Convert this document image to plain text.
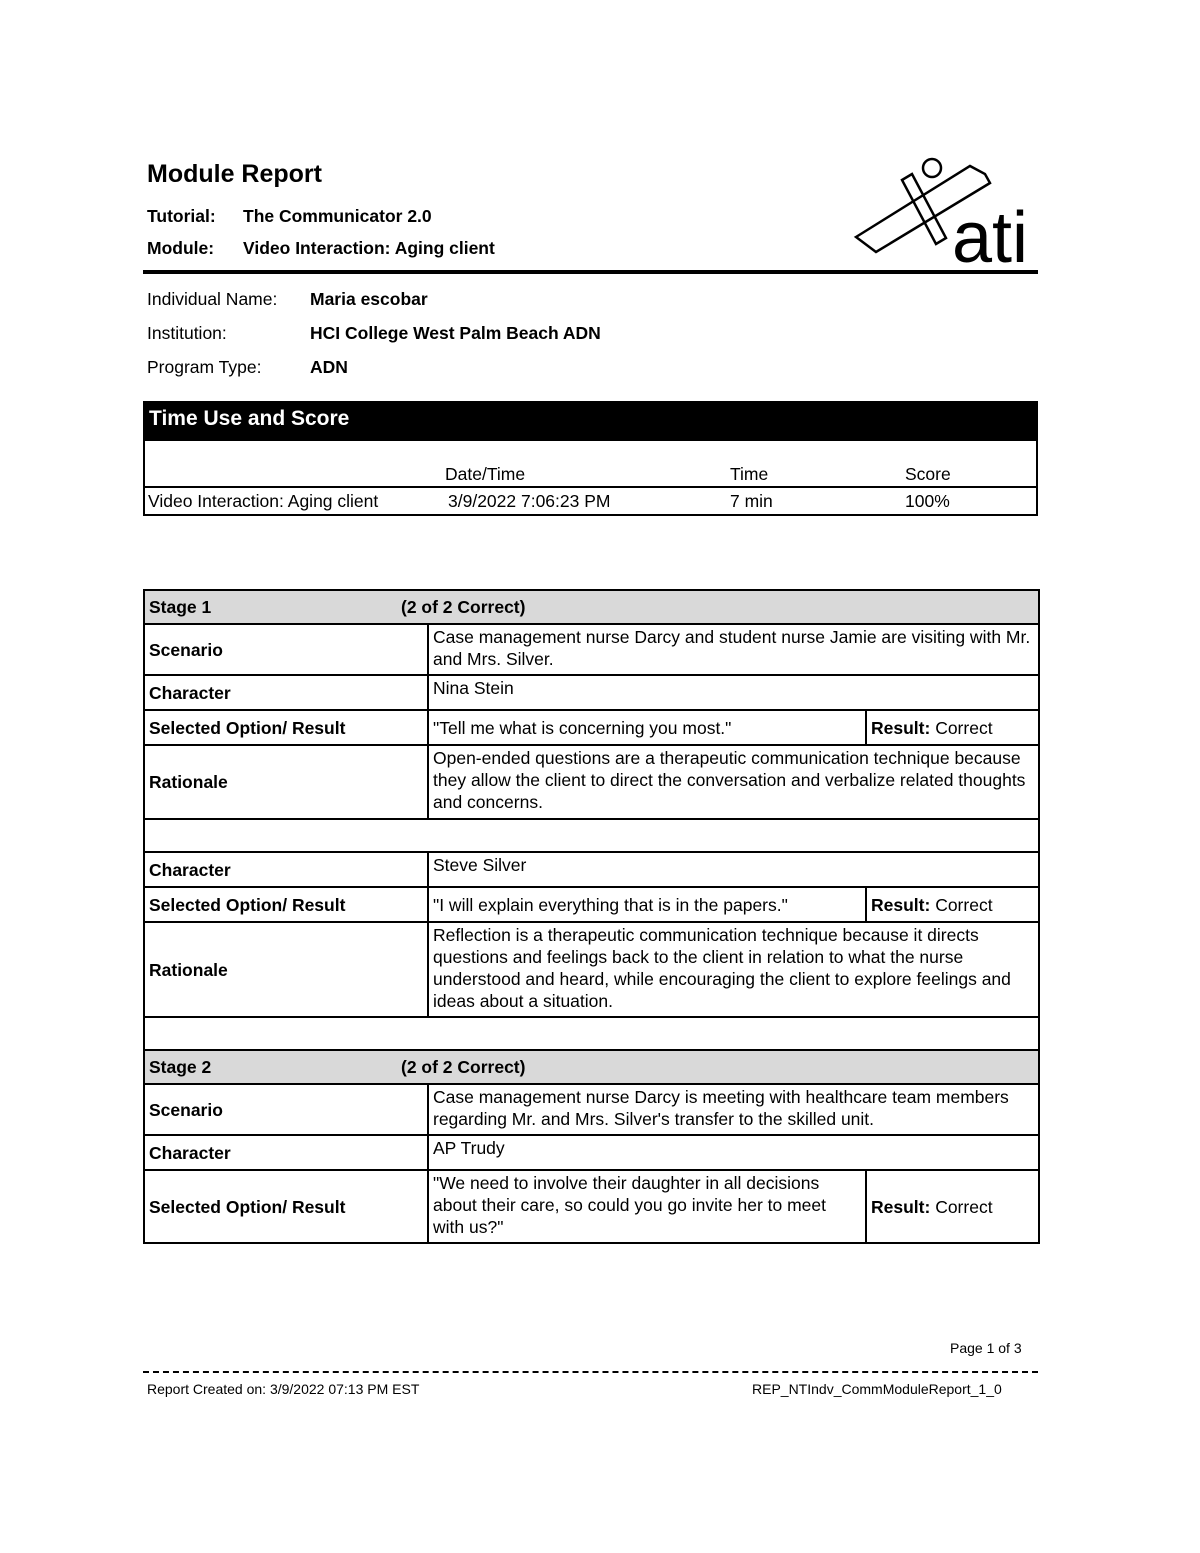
Module Report
Tutorial: The Communicator 2.0
Module: Video Interaction: Aging client	ati
Individual Name: Maria escobar
Institution:	HCI College West Palm Beach ADN
Program Type:	ADN
Time Use and Score
	Date/Time	Time	Score
Video Interaction: Aging client	3/9/2022 7:06:23 PM	7 min	100%
Stage 1 (2 of 2 Correct)		
Scenario	Case management nurse Darcy and student nurse Jamie are visiting with Mr. and Mrs. Silver.	
Character	Nina Stein	
Selected Option/ Result	"Tell me what is concerning you most."	Result: Correct
Rationale	Open-ended questions are a therapeutic communication technique because they allow the client to direct the conversation and verbalize related thoughts and concerns.	

Character	Steve Silver	
Selected Option/ Result	"I will explain everything that is in the papers."	Result: Correct
Rationale	Reflection is a therapeutic communication technique because it directs questions and feelings back to the client in relation to what the nurse understood and heard, while encouraging the client to explore feelings and ideas about a situation.	

Stage 2 (2 of 2 Correct)		
Scenario	Case management nurse Darcy is meeting with healthcare team members regarding Mr. and Mrs. Silver's transfer to the skilled unit.	
Character	AP Trudy	
Selected Option/ Result	"We need to involve their daughter in all decisions about their care, so could you go invite her to meet with us?"	Result: Correct
Page 1 of 3
Report Created on: 3/9/2022 07:13 PM EST	REP_NTIndv_CommModuleReport_1_0
